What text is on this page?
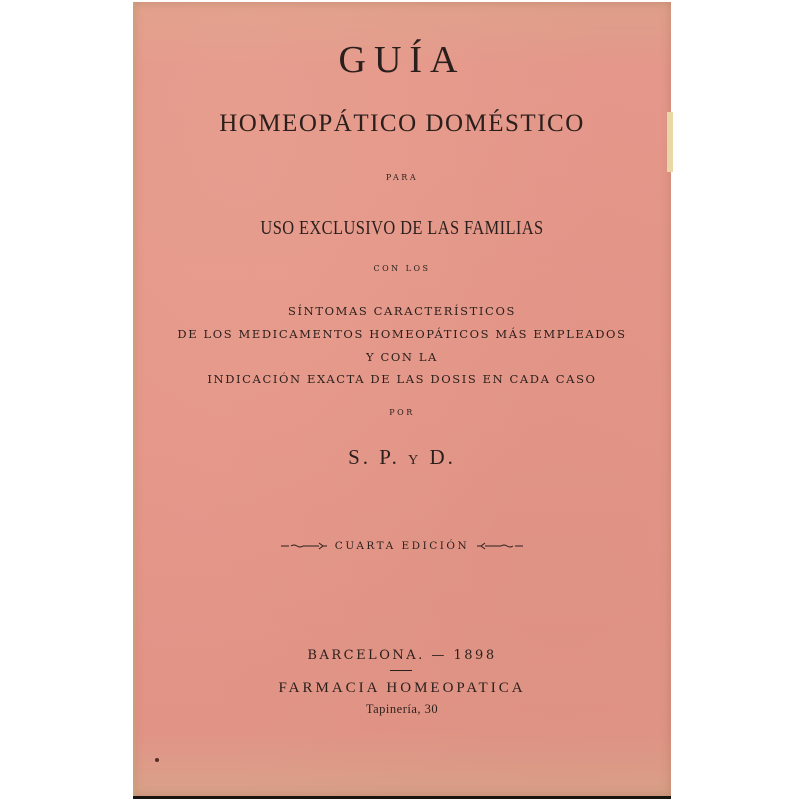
GUÍA
HOMEOPÁTICO DOMÉSTICO
PARA
USO EXCLUSIVO DE LAS FAMILIAS
CON LOS
SÍNTOMAS CARACTERÍSTICOS
DE LOS MEDICAMENTOS HOMEOPÁTICOS MÁS EMPLEADOS
Y CON LA
INDICACIÓN EXACTA DE LAS DOSIS EN CADA CASO
POR
S. P. Y D.
CUARTA EDICIÓN
BARCELONA. — 1898
FARMACIA HOMEOPATICA
Tapinería, 30
